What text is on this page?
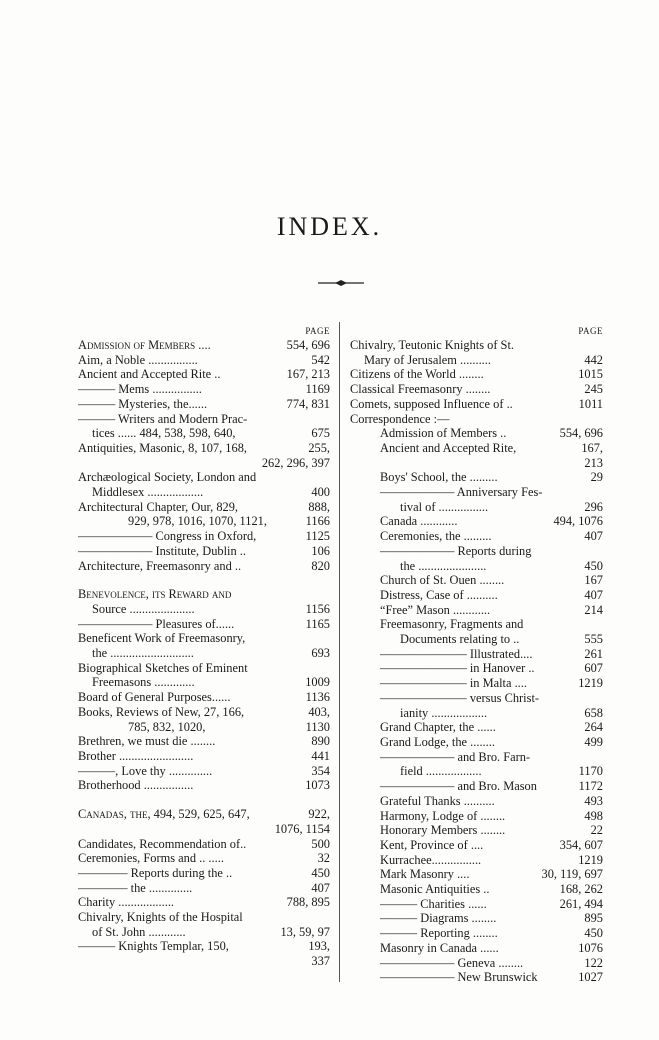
INDEX.
PAGE
Admission of Members ....	554, 696
Aim, a Noble ................	542
Ancient and Accepted Rite ..	167, 213
——— Mems ................	1169
——— Mysteries, the......	774, 831
——— Writers and Modern Prac-
tices ...... 484, 538, 598, 640,	675
Antiquities, Masonic, 8, 107, 168,	255,

262, 296, 397
Archæological Society, London and
Middlesex ..................	400
Architectural Chapter, Our, 829,	888,
929, 978, 1016, 1070, 1121,	1166
—————— Congress in Oxford,	1125
—————— Institute, Dublin ..	106
Architecture, Freemasonry and ..	820
Benevolence, its Reward and
Source .....................	1156
—————— Pleasures of......	1165
Beneficent Work of Freemasonry,
the ...........................	693
Biographical Sketches of Eminent
Freemasons .............	1009
Board of General Purposes......	1136
Books, Reviews of New, 27, 166,	403,
785, 832, 1020,	1130
Brethren, we must die ........	890
Brother ........................	441
———, Love thy ..............	354
Brotherhood ................	1073
Canadas, the, 494, 529, 625, 647,	922,

1076, 1154
Candidates, Recommendation of..	500
Ceremonies, Forms and .. .....	32
———— Reports during the ..	450
———— the ..............	407
Charity ..................	788, 895
Chivalry, Knights of the Hospital
of St. John ............	13, 59, 97
——— Knights Templar, 150,	193,

337
PAGE
Chivalry, Teutonic Knights of St.
Mary of Jerusalem ..........	442
Citizens of the World ........	1015
Classical Freemasonry ........	245
Comets, supposed Influence of ..	1011
Correspondence :—
Admission of Members ..	554, 696
Ancient and Accepted Rite,	167,

213
Boys' School, the .........	29
—————— Anniversary Fes-
tival of ................	296
Canada ............	494, 1076
Ceremonies, the .........	407
—————— Reports during
the ......................	450
Church of St. Ouen ........	167
Distress, Case of ..........	407
“Free” Mason ............	214
Freemasonry, Fragments and
Documents relating to ..	555
——————— Illustrated....	261
——————— in Hanover ..	607
——————— in Malta ....	1219
——————— versus Christ-
ianity ..................	658
Grand Chapter, the ......	264
Grand Lodge, the ........	499
—————— and Bro. Farn-
field ..................	1170
—————— and Bro. Mason	1172
Grateful Thanks ..........	493
Harmony, Lodge of ........	498
Honorary Members ........	22
Kent, Province of ....	354, 607
Kurrachee................	1219
Mark Masonry ....	30, 119, 697
Masonic Antiquities ..	168, 262
——— Charities ......	261, 494
——— Diagrams ........	895
——— Reporting ........	450
Masonry in Canada ......	1076
—————— Geneva ........	122
—————— New Brunswick	1027
